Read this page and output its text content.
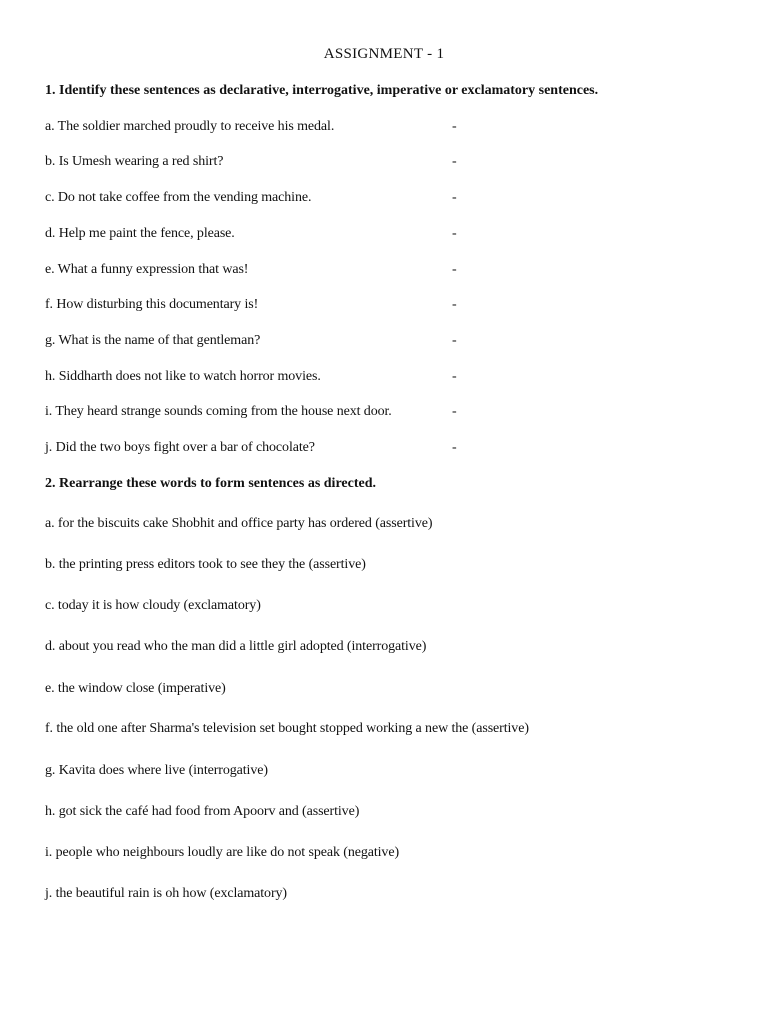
ASSIGNMENT - 1
1. Identify these sentences as declarative, interrogative, imperative or exclamatory sentences.
a. The soldier marched proudly to receive his medal.	-
b. Is Umesh wearing a red shirt?	-
c. Do not take coffee from the vending machine.	-
d. Help me paint the fence, please.	-
e. What a funny expression that was!	-
f. How disturbing this documentary is!	-
g. What is the name of that gentleman?	-
h. Siddharth does not like to watch horror movies.	-
i. They heard strange sounds coming from the house next door.	-
j. Did the two boys fight over a bar of chocolate?	-
2. Rearrange these words to form sentences as directed.
a. for the biscuits cake Shobhit and office party has ordered (assertive)
b. the printing press editors took to see they the (assertive)
c. today it is how cloudy (exclamatory)
d. about you read who the man did a little girl adopted (interrogative)
e. the window close (imperative)
f. the old one after Sharma's television set bought stopped working a new the (assertive)
g. Kavita does where live (interrogative)
h. got sick the café had food from Apoorv and (assertive)
i. people who neighbours loudly are like do not speak (negative)
j. the beautiful rain is oh how (exclamatory)
